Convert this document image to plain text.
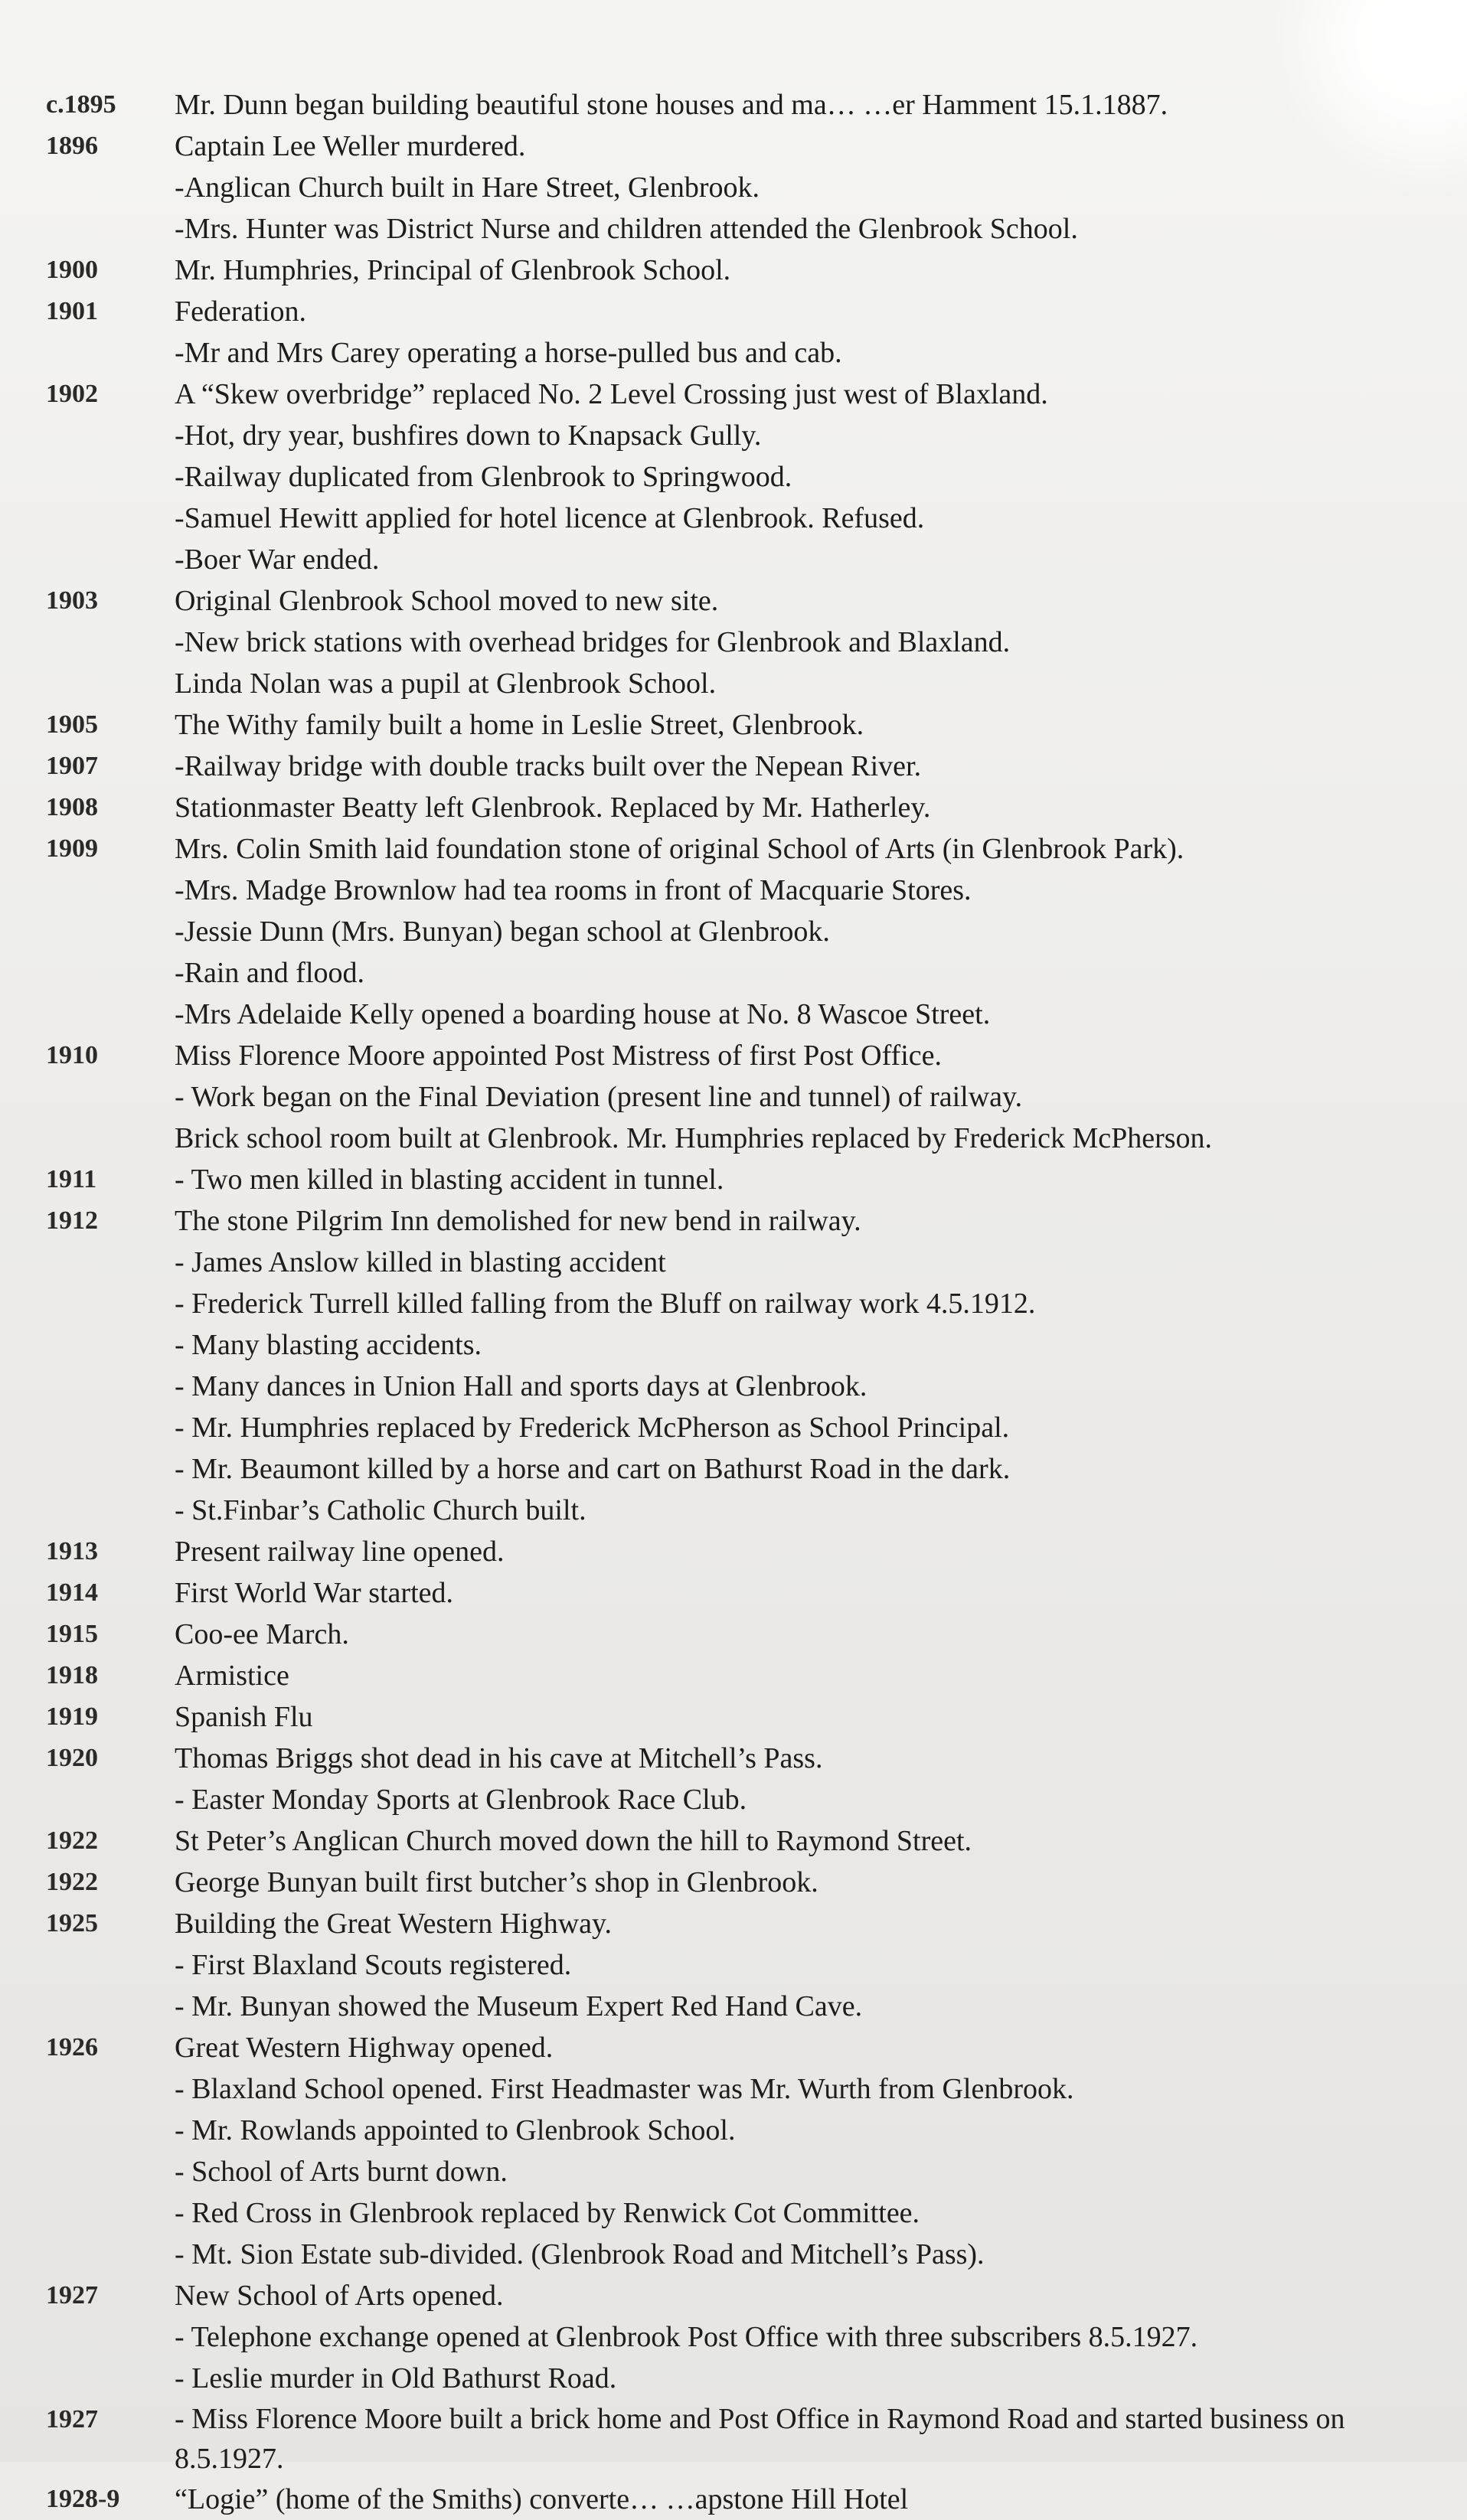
c.1895	Mr. Dunn began building beautiful stone houses and ma… …er Hamment 15.1.1887.
1896	Captain Lee Weller murdered.
-Anglican Church built in Hare Street, Glenbrook.
-Mrs. Hunter was District Nurse and children attended the Glenbrook School.
1900	Mr. Humphries, Principal of Glenbrook School.
1901	Federation.
-Mr and Mrs Carey operating a horse-pulled bus and cab.
1902	A “Skew overbridge” replaced No. 2 Level Crossing just west of Blaxland.
-Hot, dry year, bushfires down to Knapsack Gully.
-Railway duplicated from Glenbrook to Springwood.
-Samuel Hewitt applied for hotel licence at Glenbrook. Refused.
-Boer War ended.
1903	Original Glenbrook School moved to new site.
-New brick stations with overhead bridges for Glenbrook and Blaxland.
Linda Nolan was a pupil at Glenbrook School.
1905	The Withy family built a home in Leslie Street, Glenbrook.
1907	-Railway bridge with double tracks built over the Nepean River.
1908	Stationmaster Beatty left Glenbrook. Replaced by Mr. Hatherley.
1909	Mrs. Colin Smith laid foundation stone of original School of Arts (in Glenbrook Park).
-Mrs. Madge Brownlow had tea rooms in front of Macquarie Stores.
-Jessie Dunn (Mrs. Bunyan) began school at Glenbrook.
-Rain and flood.
-Mrs Adelaide Kelly opened a boarding house at No. 8 Wascoe Street.
1910	Miss Florence Moore appointed Post Mistress of first Post Office.
- Work began on the Final Deviation (present line and tunnel) of railway.
Brick school room built at Glenbrook. Mr. Humphries replaced by Frederick McPherson.
1911	- Two men killed in blasting accident in tunnel.
1912	The stone Pilgrim Inn demolished for new bend in railway.
- James Anslow killed in blasting accident
- Frederick Turrell killed falling from the Bluff on railway work 4.5.1912.
- Many blasting accidents.
- Many dances in Union Hall and sports days at Glenbrook.
- Mr. Humphries replaced by Frederick McPherson as School Principal.
- Mr. Beaumont killed by a horse and cart on Bathurst Road in the dark.
- St.Finbar’s Catholic Church built.
1913	Present railway line opened.
1914	First World War started.
1915	Coo-ee March.
1918	Armistice
1919	Spanish Flu
1920	Thomas Briggs shot dead in his cave at Mitchell’s Pass.
- Easter Monday Sports at Glenbrook Race Club.
1922	St Peter’s Anglican Church moved down the hill to Raymond Street.
1922	George Bunyan built first butcher’s shop in Glenbrook.
1925	Building the Great Western Highway.
- First Blaxland Scouts registered.
- Mr. Bunyan showed the Museum Expert Red Hand Cave.
1926	Great Western Highway opened.
- Blaxland School opened. First Headmaster was Mr. Wurth from Glenbrook.
- Mr. Rowlands appointed to Glenbrook School.
- School of Arts burnt down.
- Red Cross in Glenbrook replaced by Renwick Cot Committee.
- Mt. Sion Estate sub-divided. (Glenbrook Road and Mitchell’s Pass).
1927	New School of Arts opened.
- Telephone exchange opened at Glenbrook Post Office with three subscribers 8.5.1927.
- Leslie murder in Old Bathurst Road.
1927	- Miss Florence Moore built a brick home and Post Office in Raymond Road and started business on 8.5.1927.
1928-9	“Logie” (home of the Smiths) converte… …apstone Hill Hotel
